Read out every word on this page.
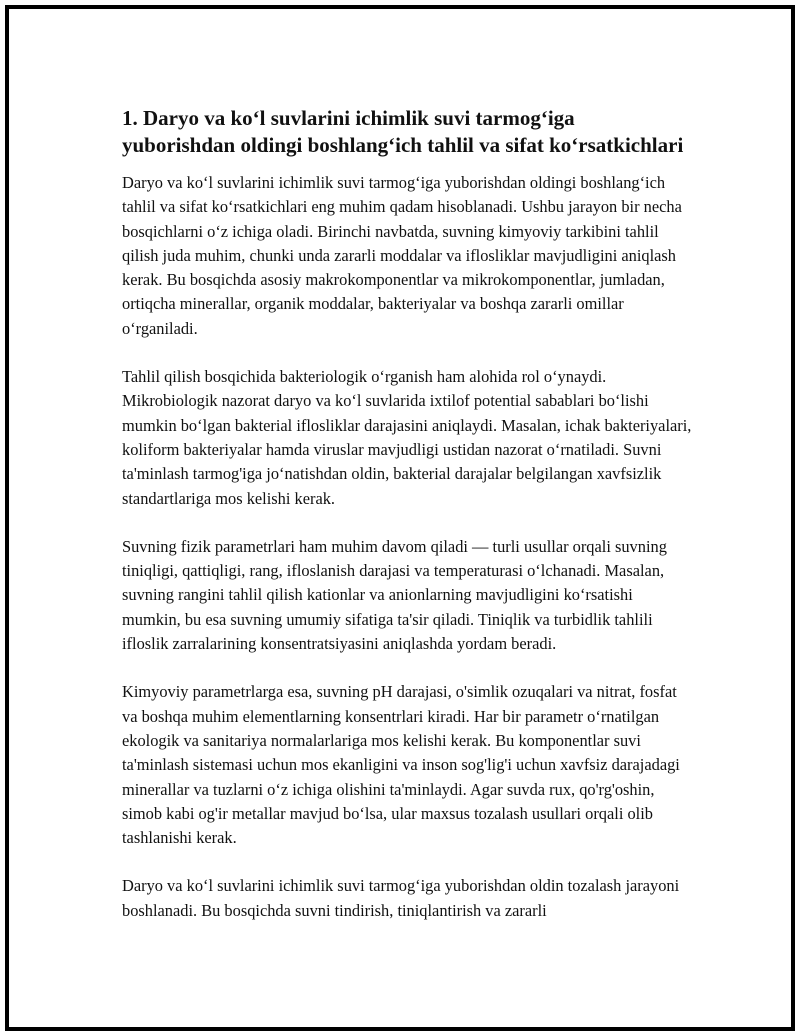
1. Daryo va ko‘l suvlarini ichimlik suvi tarmog‘iga yuborishdan oldingi boshlang‘ich tahlil va sifat ko‘rsatkichlari

Daryo va ko‘l suvlarini ichimlik suvi tarmog‘iga yuborishdan oldingi boshlang‘ich tahlil va sifat ko‘rsatkichlari eng muhim qadam hisoblanadi. Ushbu jarayon bir necha bosqichlarni o‘z ichiga oladi. Birinchi navbatda, suvning kimyoviy tarkibini tahlil qilish juda muhim, chunki unda zararli moddalar va iflosliklar mavjudligini aniqlash kerak. Bu bosqichda asosiy makrokomponentlar va mikrokomponentlar, jumladan, ortiqcha minerallar, organik moddalar, bakteriyalar va boshqa zararli omillar o‘rganiladi.

Tahlil qilish bosqichida bakteriologik o‘rganish ham alohida rol o‘ynaydi. Mikrobiologik nazorat daryo va ko‘l suvlarida ixtilof potential sabablari bo‘lishi mumkin bo‘lgan bakterial iflosliklar darajasini aniqlaydi. Masalan, ichak bakteriyalari, koliform bakteriyalar hamda viruslar mavjudligi ustidan nazorat o‘rnatiladi. Suvni ta'minlash tarmog'iga jo‘natishdan oldin, bakterial darajalar belgilangan xavfsizlik standartlariga mos kelishi kerak.

Suvning fizik parametrlari ham muhim davom qiladi — turli usullar orqali suvning tiniqligi, qattiqligi, rang, ifloslanish darajasi va temperaturasi o‘lchanadi. Masalan, suvning rangini tahlil qilish kationlar va anionlarning mavjudligini ko‘rsatishi mumkin, bu esa suvning umumiy sifatiga ta'sir qiladi. Tiniqlik va turbidlik tahlili ifloslik zarralarining konsentratsiyasini aniqlashda yordam beradi.

Kimyoviy parametrlarga esa, suvning pH darajasi, o'simlik ozuqalari va nitrat, fosfat va boshqa muhim elementlarning konsentrlari kiradi. Har bir parametr o‘rnatilgan ekologik va sanitariya normalarlariga mos kelishi kerak. Bu komponentlar suvi ta'minlash sistemasi uchun mos ekanligini va inson sog'lig'i uchun xavfsiz darajadagi minerallar va tuzlarni o‘z ichiga olishini ta'minlaydi. Agar suvda rux, qo'rg'oshin, simob kabi og'ir metallar mavjud bo‘lsa, ular maxsus tozalash usullari orqali olib tashlanishi kerak.

Daryo va ko‘l suvlarini ichimlik suvi tarmog‘iga yuborishdan oldin tozalash jarayoni boshlanadi. Bu bosqichda suvni tindirish, tiniqlantirish va zararli
